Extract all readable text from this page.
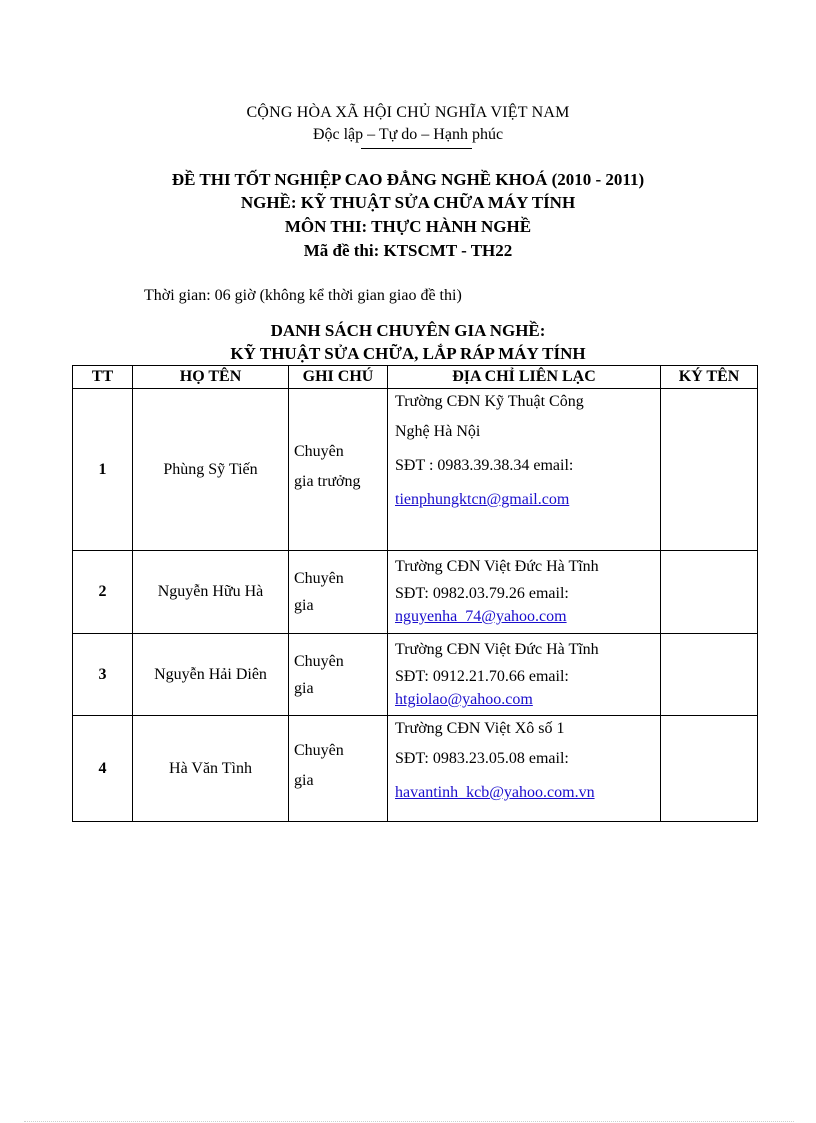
CỘNG HÒA XÃ HỘI CHỦ NGHĨA VIỆT NAM
Độc lập – Tự do – Hạnh phúc
ĐỀ THI TỐT NGHIỆP CAO ĐẲNG NGHỀ KHOÁ (2010 - 2011)
NGHỀ: KỸ THUẬT SỬA CHỮA MÁY TÍNH
MÔN THI: THỰC HÀNH NGHỀ
Mã đề thi: KTSCMT - TH22
Thời gian: 06 giờ (không kể thời gian giao đề thi)
DANH SÁCH CHUYÊN GIA NGHỀ:
KỸ THUẬT SỬA CHỮA, LẮP RÁP MÁY TÍNH
TT	HỌ TÊN	GHI CHÚ	ĐỊA CHỈ LIÊN LẠC	KÝ TÊN
1	Phùng Sỹ Tiến	Chuyên
gia trưởng	Trường CĐN Kỹ Thuật Công
Nghệ Hà Nội
SĐT : 0983.39.38.34 email:
tienphungktcn@gmail.com	

2	Nguyễn Hữu Hà	Chuyên
gia	Trường CĐN Việt Đức Hà Tĩnh
SĐT: 0982.03.79.26 email:
nguyenha_74@yahoo.com	

3	Nguyễn Hải Diên	Chuyên
gia	Trường CĐN Việt Đức Hà Tĩnh
SĐT: 0912.21.70.66 email:
htgiolao@yahoo.com	

4	Hà Văn Tình	Chuyên
gia	Trường CĐN Việt Xô số 1
SĐT: 0983.23.05.08 email:
havantinh_kcb@yahoo.com.vn	
